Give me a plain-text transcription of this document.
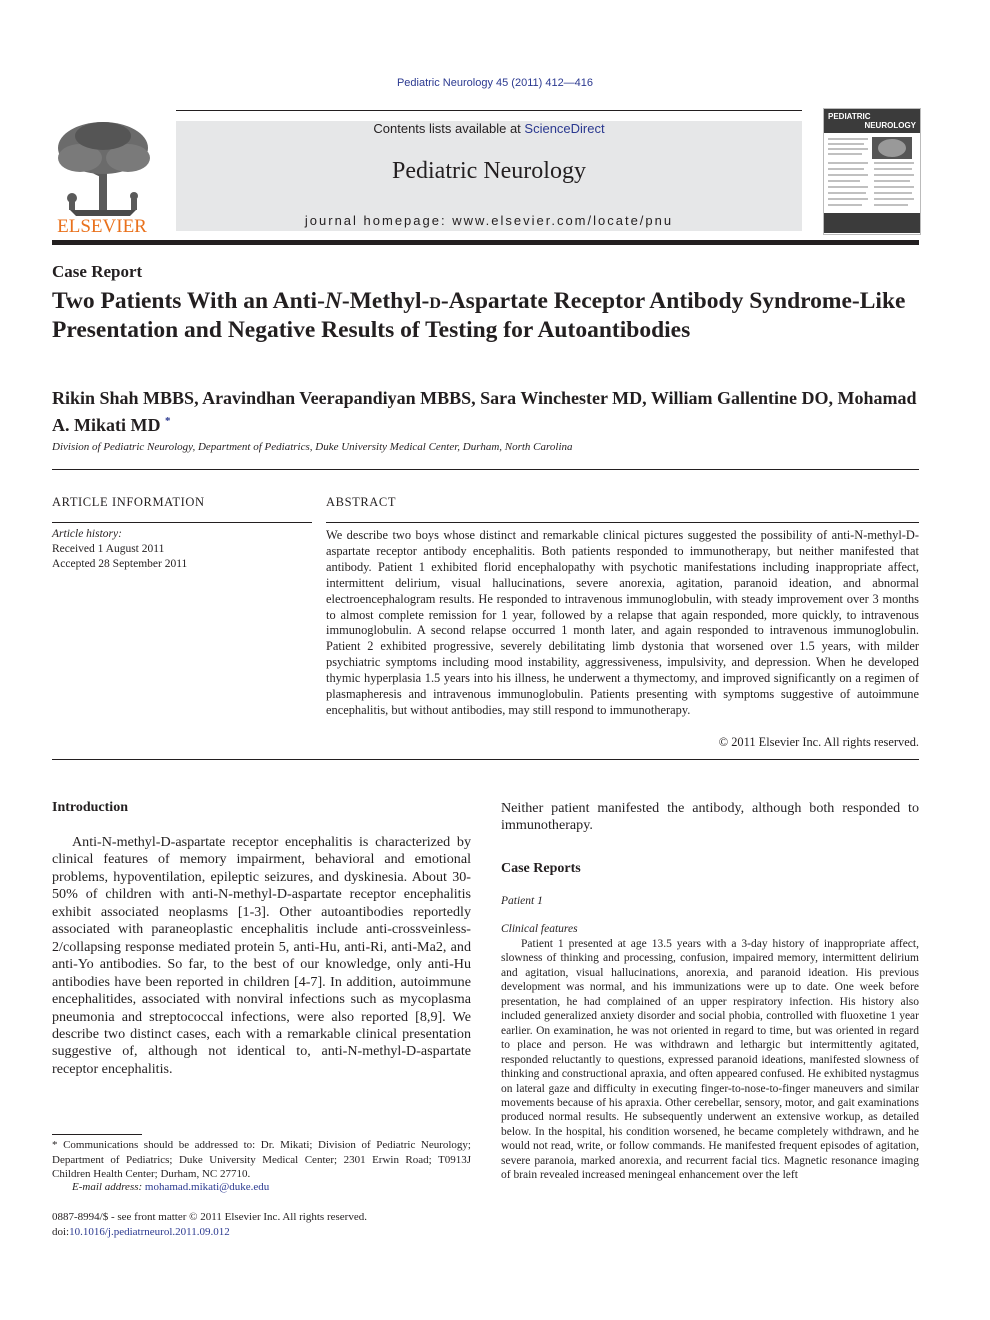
Pediatric Neurology 45 (2011) 412—416
ELSEVIER
Contents lists available at ScienceDirect
Pediatric Neurology
journal homepage: www.elsevier.com/locate/pnu
PEDIATRIC
NEUROLOGY
Case Report
Two Patients With an Anti-N-Methyl-d-Aspartate Receptor Antibody Syndrome-Like Presentation and Negative Results of Testing for Autoantibodies
Rikin Shah MBBS, Aravindhan Veerapandiyan MBBS, Sara Winchester MD, William Gallentine DO, Mohamad A. Mikati MD *
Division of Pediatric Neurology, Department of Pediatrics, Duke University Medical Center, Durham, North Carolina
ARTICLE INFORMATION	ABSTRACT
Article history:
Received 1 August 2011
Accepted 28 September 2011
We describe two boys whose distinct and remarkable clinical pictures suggested the possibility of anti-N-methyl-D-aspartate receptor antibody encephalitis. Both patients responded to immunotherapy, but neither manifested that antibody. Patient 1 exhibited florid encephalopathy with psychotic manifestations including inappropriate affect, intermittent delirium, visual hallucinations, severe anorexia, agitation, paranoid ideation, and abnormal electroencephalogram results. He responded to intravenous immunoglobulin, with steady improvement over 3 months to almost complete remission for 1 year, followed by a relapse that again responded, more quickly, to intravenous immunoglobulin. A second relapse occurred 1 month later, and again responded to intravenous immunoglobulin. Patient 2 exhibited progressive, severely debilitating limb dystonia that worsened over 1.5 years, with milder psychiatric symptoms including mood instability, aggressiveness, impulsivity, and depression. When he developed thymic hyperplasia 1.5 years into his illness, he underwent a thymectomy, and improved significantly on a regimen of plasmapheresis and intravenous immunoglobulin. Patients presenting with symptoms suggestive of autoimmune encephalitis, but without antibodies, may still respond to immunotherapy.
© 2011 Elsevier Inc. All rights reserved.
Introduction
Anti-N-methyl-D-aspartate receptor encephalitis is characterized by clinical features of memory impairment, behavioral and emotional problems, hypoventilation, epileptic seizures, and dyskinesia. About 30-50% of children with anti-N-methyl-D-aspartate receptor encephalitis exhibit associated neoplasms [1-3]. Other autoantibodies reportedly associated with paraneoplastic encephalitis include anti-crossveinless-2/collapsing response mediated protein 5, anti-Hu, anti-Ri, anti-Ma2, and anti-Yo antibodies. So far, to the best of our knowledge, only anti-Hu antibodies have been reported in children [4-7]. In addition, autoimmune encephalitides, associated with nonviral infections such as mycoplasma pneumonia and streptococcal infections, were also reported [8,9]. We describe two distinct cases, each with a remarkable clinical presentation suggestive of, although not identical to, anti-N-methyl-D-aspartate receptor encephalitis.
Neither patient manifested the antibody, although both responded to immunotherapy.
Case Reports
Patient 1
Clinical features
Patient 1 presented at age 13.5 years with a 3-day history of inappropriate affect, slowness of thinking and processing, confusion, impaired memory, intermittent delirium and agitation, visual hallucinations, anorexia, and paranoid ideation. His previous development was normal, and his immunizations were up to date. One week before presentation, he had complained of an upper respiratory infection. His history also included generalized anxiety disorder and social phobia, controlled with fluoxetine 1 year earlier. On examination, he was not oriented in regard to time, but was oriented in regard to place and person. He was withdrawn and lethargic but intermittently agitated, responded reluctantly to questions, expressed paranoid ideations, manifested slowness of thinking and constructional apraxia, and often appeared confused. He exhibited nystagmus on lateral gaze and difficulty in executing finger-to-nose-to-finger maneuvers and similar movements because of his apraxia. Other cerebellar, sensory, motor, and gait examinations produced normal results. He subsequently underwent an extensive workup, as detailed below. In the hospital, his condition worsened, he became completely withdrawn, and he would not read, write, or follow commands. He manifested frequent episodes of agitation, severe paranoia, marked anorexia, and recurrent facial tics. Magnetic resonance imaging of brain revealed increased meningeal enhancement over the left
* Communications should be addressed to: Dr. Mikati; Division of Pediatric Neurology; Department of Pediatrics; Duke University Medical Center; 2301 Erwin Road; T0913J Children Health Center; Durham, NC 27710.
E-mail address: mohamad.mikati@duke.edu
0887-8994/$ - see front matter © 2011 Elsevier Inc. All rights reserved.
doi:10.1016/j.pediatrneurol.2011.09.012
